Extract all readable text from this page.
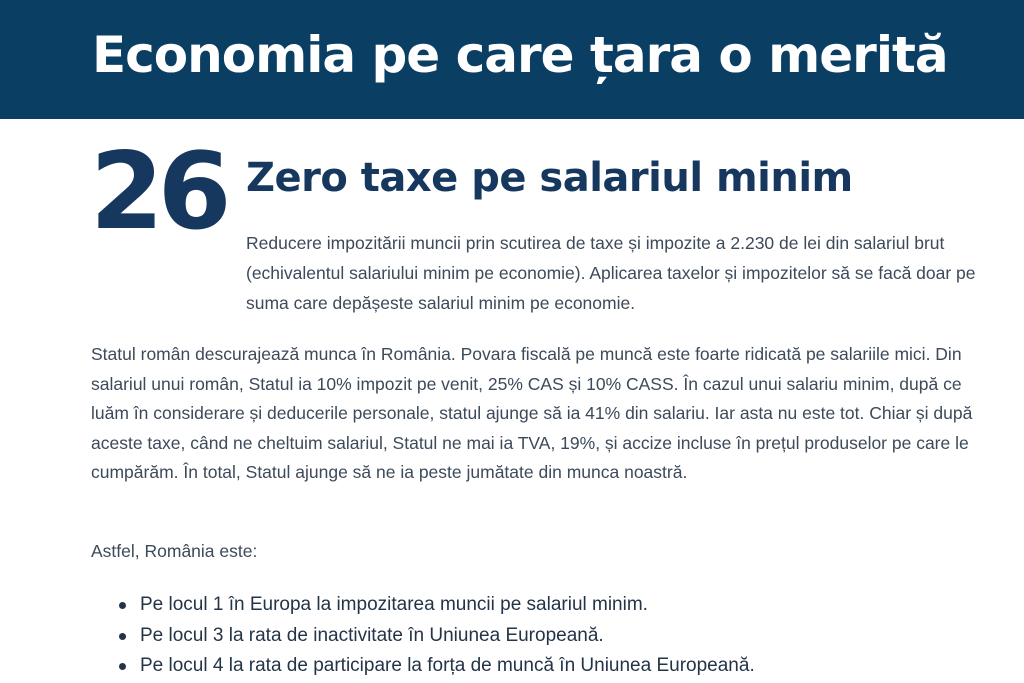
Economia pe care țara o merită
26 Zero taxe pe salariul minim

Reducere impozitării muncii prin scutirea de taxe și impozite a 2.230 de lei din salariul brut (echivalentul salariului minim pe economie). Aplicarea taxelor și impozitelor să se facă doar pe suma care depășeste salariul minim pe economie.

Statul român descurajează munca în România. Povara fiscală pe muncă este foarte ridicată pe salariile mici. Din salariul unui român, Statul ia 10% impozit pe venit, 25% CAS și 10% CASS. În cazul unui salariu minim, după ce luăm în considerare și deducerile personale, statul ajunge să ia 41% din salariu. Iar asta nu este tot. Chiar și după aceste taxe, când ne cheltuim salariul, Statul ne mai ia TVA, 19%, și accize incluse în prețul produselor pe care le cumpărăm. În total, Statul ajunge să ne ia peste jumătate din munca noastră.

Astfel, România este:

Pe locul 1 în Europa la impozitarea muncii pe salariul minim.
Pe locul 3 la rata de inactivitate în Uniunea Europeană.
Pe locul 4 la rata de participare la forța de muncă în Uniunea Europeană.
